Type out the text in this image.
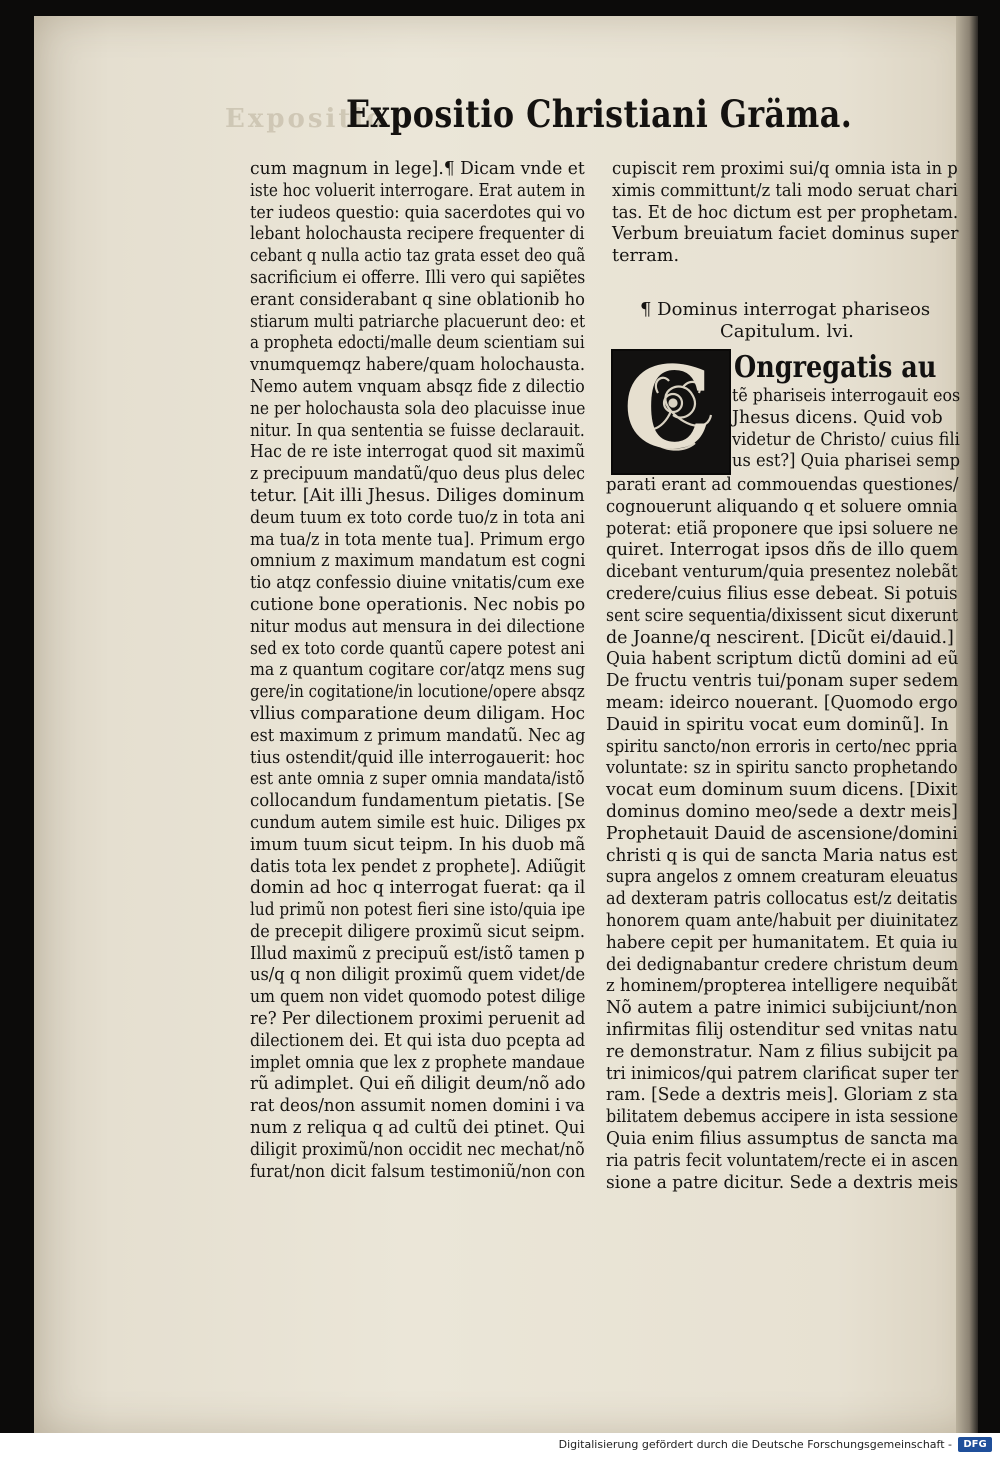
Expositio
Expositio Christiani Gräma.
cum magnum in lege].¶ Dicam vnde et
iste hoc voluerit interrogare. Erat autem in
ter iudeos questio: quia sacerdotes qui vo
lebant holochausta recipere frequenter di
cebant q nulla actio taz grata esset deo quã
sacrificium ei offerre. Illi vero qui sapiẽtes
erant considerabant q sine oblationib ho
stiarum multi patriarche placuerunt deo: et
a propheta edocti/malle deum scientiam sui
vnumquemqz habere/quam holochausta.
Nemo autem vnquam absqz fide z dilectio
ne per holochausta sola deo placuisse inue
nitur. In qua sententia se fuisse declarauit.
Hac de re iste interrogat quod sit maximũ
z precipuum mandatũ/quo deus plus delec
tetur. [Ait illi Jhesus. Diliges dominum
deum tuum ex toto corde tuo/z in tota ani
ma tua/z in tota mente tua]. Primum ergo
omnium z maximum mandatum est cogni
tio atqz confessio diuine vnitatis/cum exe
cutione bone operationis. Nec nobis po
nitur modus aut mensura in dei dilectione
sed ex toto corde quantũ capere potest ani
ma z quantum cogitare cor/atqz mens sug
gere/in cogitatione/in locutione/opere absqz
vllius comparatione deum diligam. Hoc
est maximum z primum mandatũ. Nec ag
tius ostendit/quid ille interrogauerit: hoc
est ante omnia z super omnia mandata/istõ
collocandum fundamentum pietatis. [Se
cundum autem simile est huic. Diliges px
imum tuum sicut teipm. In his duob mã
datis tota lex pendet z prophete]. Adiũgit
domin ad hoc q interrogat fuerat: qa il
lud primũ non potest fieri sine isto/quia ipe
de precepit diligere proximũ sicut seipm.
Illud maximũ z precipuũ est/istõ tamen p
us/q q non diligit proximũ quem videt/de
um quem non videt quomodo potest dilige
re? Per dilectionem proximi peruenit ad
dilectionem dei. Et qui ista duo pcepta ad
implet omnia que lex z prophete mandaue
rũ adimplet. Qui eñ diligit deum/nõ ado
rat deos/non assumit nomen domini i va
num z reliqua q ad cultũ dei ptinet. Qui
diligit proximũ/non occidit nec mechat/nõ
furat/non dicit falsum testimoniũ/non con
cupiscit rem proximi sui/q omnia ista in p
ximis committunt/z tali modo seruat chari
tas. Et de hoc dictum est per prophetam.
Verbum breuiatum faciet dominus super
terram.
¶ Dominus interrogat phariseos
Capitulum. lvi.
C Ongregatis au
tẽ phariseis interrogauit eos
Jhesus dicens. Quid vob
videtur de Christo/ cuius fili
us est?] Quia pharisei semp
parati erant ad commouendas questiones/
cognouerunt aliquando q et soluere omnia
poterat: etiã proponere que ipsi soluere ne
quiret. Interrogat ipsos dñs de illo quem
dicebant venturum/quia presentez nolebãt
credere/cuius filius esse debeat. Si potuis
sent scire sequentia/dixissent sicut dixerunt
de Joanne/q nescirent. [Dicũt ei/dauid.]
Quia habent scriptum dictũ domini ad eũ
De fructu ventris tui/ponam super sedem
meam: ideirco nouerant. [Quomodo ergo
Dauid in spiritu vocat eum dominũ]. In
spiritu sancto/non erroris in certo/nec ppria
voluntate: sz in spiritu sancto prophetando
vocat eum dominum suum dicens. [Dixit
dominus domino meo/sede a dextr meis]
Prophetauit Dauid de ascensione/domini
christi q is qui de sancta Maria natus est
supra angelos z omnem creaturam eleuatus
ad dexteram patris collocatus est/z deitatis
honorem quam ante/habuit per diuinitatez
habere cepit per humanitatem. Et quia iu
dei dedignabantur credere christum deum
z hominem/propterea intelligere nequibãt
Nõ autem a patre inimici subijciunt/non
infirmitas filij ostenditur sed vnitas natu
re demonstratur. Nam z filius subijcit pa
tri inimicos/qui patrem clarificat super ter
ram. [Sede a dextris meis]. Gloriam z sta
bilitatem debemus accipere in ista sessione
Quia enim filius assumptus de sancta ma
ria patris fecit voluntatem/recte ei in ascen
sione a patre dicitur. Sede a dextris meis
Digitalisierung gefördert durch die Deutsche Forschungsgemeinschaft -	DFG
